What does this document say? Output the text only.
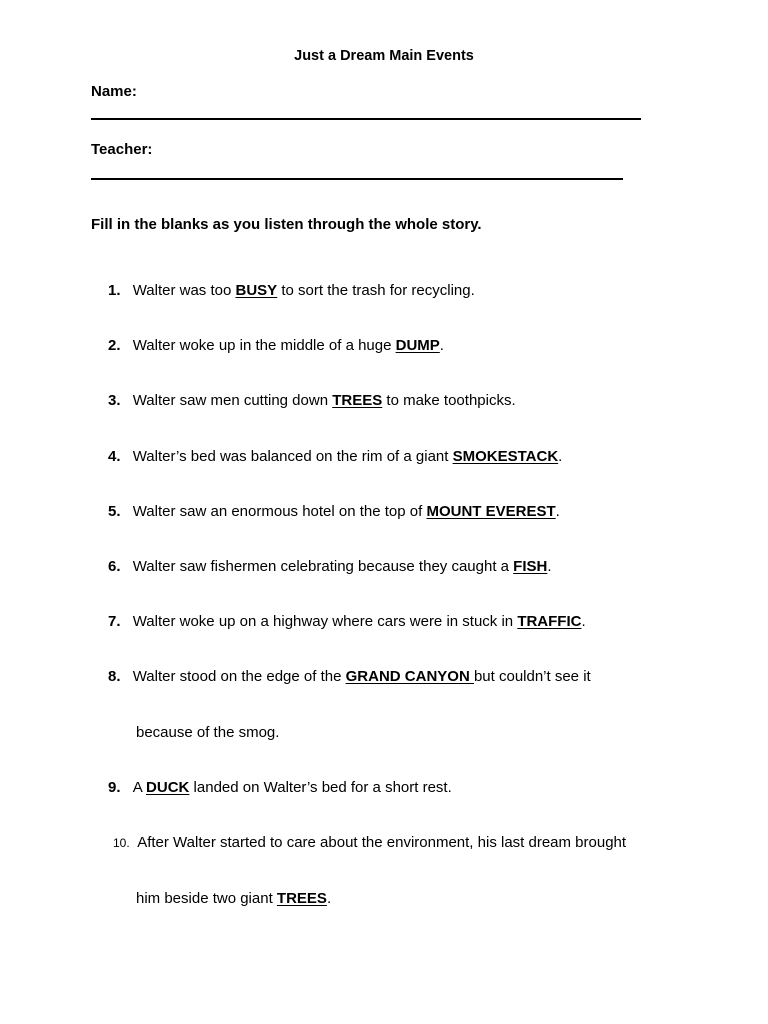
Just a Dream Main Events
Name:
Teacher:
Fill in the blanks as you listen through the whole story.
1. Walter was too BUSY to sort the trash for recycling.
2. Walter woke up in the middle of a huge DUMP.
3. Walter saw men cutting down TREES to make toothpicks.
4. Walter’s bed was balanced on the rim of a giant SMOKESTACK.
5. Walter saw an enormous hotel on the top of MOUNT EVEREST.
6. Walter saw fishermen celebrating because they caught a FISH.
7. Walter woke up on a highway where cars were in stuck in TRAFFIC.
8. Walter stood on the edge of the GRAND CANYON but couldn’t see it
because of the smog.
9. A DUCK landed on Walter’s bed for a short rest.
10.  After Walter started to care about the environment, his last dream brought
him beside two giant TREES.
